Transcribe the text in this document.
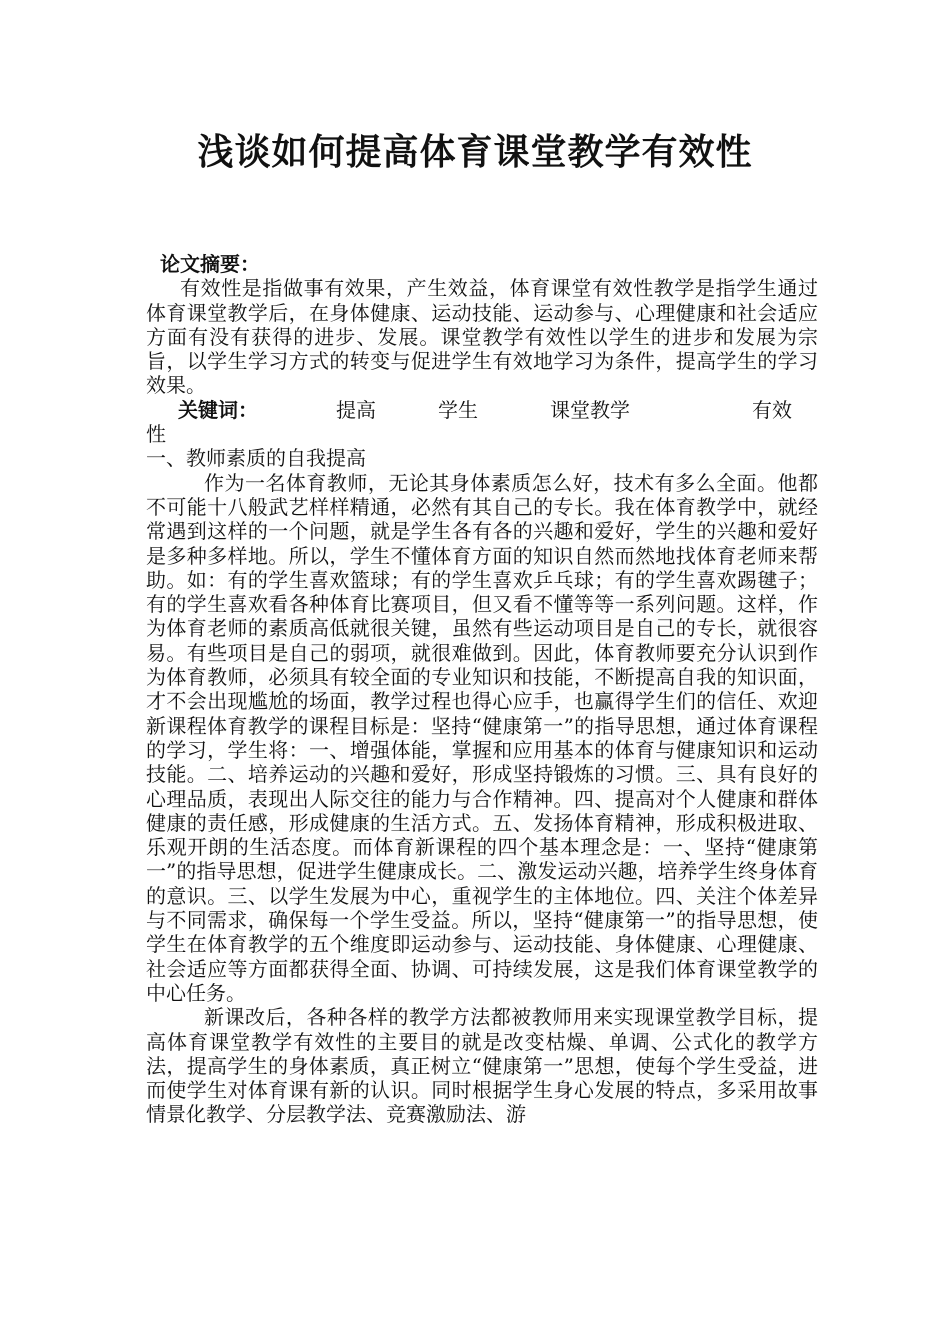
浅谈如何提高体育课堂教学有效性

论文摘要：

有效性是指做事有效果，产生效益，体育课堂有效性教学是指学生通过体育课堂教学后，在身体健康、运动技能、运动参与、心理健康和社会适应方面有没有获得的进步、发展。课堂教学有效性以学生的进步和发展为宗旨，以学生学习方式的转变与促进学生有效地学习为条件，提高学生的学习效果。

关键词：	提高	学生	课堂教学	有效

性

一、教师素质的自我提高

作为一名体育教师，无论其身体素质怎么好，技术有多么全面。他都不可能十八般武艺样样精通，必然有其自己的专长。我在体育教学中，就经常遇到这样的一个问题，就是学生各有各的兴趣和爱好，学生的兴趣和爱好是多种多样地。所以，学生不懂体育方面的知识自然而然地找体育老师来帮助。如：有的学生喜欢篮球；有的学生喜欢乒乓球；有的学生喜欢踢毽子；有的学生喜欢看各种体育比赛项目，但又看不懂等等一系列问题。这样，作为体育老师的素质高低就很关键，虽然有些运动项目是自己的专长，就很容易。有些项目是自己的弱项，就很难做到。因此，体育教师要充分认识到作为体育教师，必须具有较全面的专业知识和技能，不断提高自我的知识面，才不会出现尴尬的场面，教学过程也得心应手，也赢得学生们的信任、欢迎新课程体育教学的课程目标是：坚持“健康第一”的指导思想，通过体育课程的学习，学生将：一、增强体能，掌握和应用基本的体育与健康知识和运动技能。二、培养运动的兴趣和爱好，形成坚持锻炼的习惯。三、具有良好的心理品质，表现出人际交往的能力与合作精神。四、提高对个人健康和群体健康的责任感，形成健康的生活方式。五、发扬体育精神，形成积极进取、乐观开朗的生活态度。而体育新课程的四个基本理念是：一、坚持“健康第一”的指导思想，促进学生健康成长。二、激发运动兴趣，培养学生终身体育的意识。三、以学生发展为中心，重视学生的主体地位。四、关注个体差异与不同需求，确保每一个学生受益。所以，坚持“健康第一”的指导思想，使学生在体育教学的五个维度即运动参与、运动技能、身体健康、心理健康、社会适应等方面都获得全面、协调、可持续发展，这是我们体育课堂教学的中心任务。

新课改后，各种各样的教学方法都被教师用来实现课堂教学目标，提高体育课堂教学有效性的主要目的就是改变枯燥、单调、公式化的教学方法，提高学生的身体素质，真正树立“健康第一”思想，使每个学生受益，进而使学生对体育课有新的认识。同时根据学生身心发展的特点，多采用故事情景化教学、分层教学法、竞赛激励法、游
